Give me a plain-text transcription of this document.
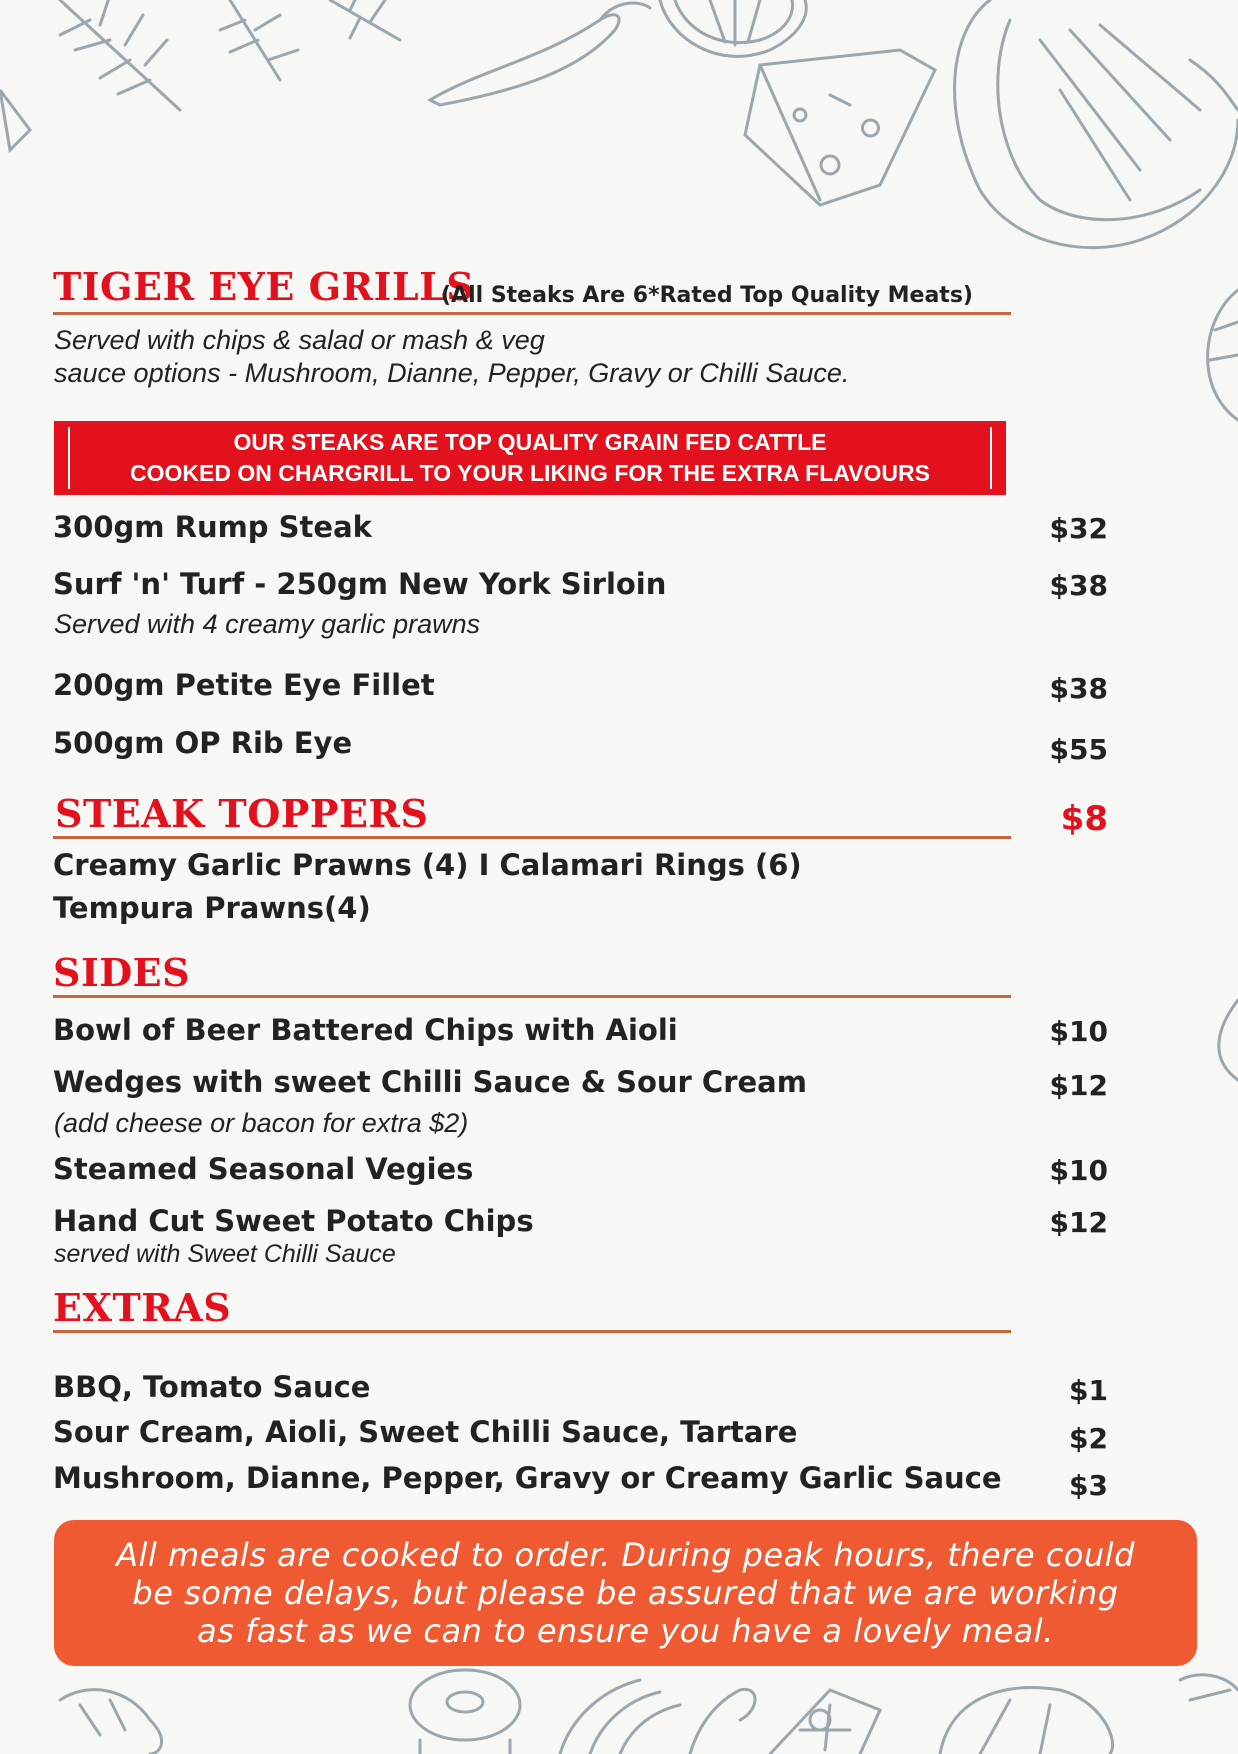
TIGER EYE GRILLS
(All Steaks Are 6*Rated Top Quality Meats)
Served with chips & salad or mash & veg
sauce options - Mushroom, Dianne, Pepper, Gravy or Chilli Sauce.
OUR STEAKS ARE TOP QUALITY GRAIN FED CATTLE
COOKED ON CHARGRILL TO YOUR LIKING FOR THE EXTRA FLAVOURS
300gm Rump Steak	$32
Surf 'n' Turf - 250gm New York Sirloin	$38
Served with 4 creamy garlic prawns
200gm Petite Eye Fillet	$38
500gm OP Rib Eye	$55
STEAK TOPPERS	$8
Creamy Garlic Prawns (4) I Calamari Rings (6)
Tempura Prawns(4)
SIDES
Bowl of Beer Battered Chips with Aioli	$10
Wedges with sweet Chilli Sauce & Sour Cream	$12
(add cheese or bacon for extra $2)
Steamed Seasonal Vegies	$10
Hand Cut Sweet Potato Chips	$12
served with Sweet Chilli Sauce
EXTRAS
BBQ, Tomato Sauce	$1
Sour Cream, Aioli, Sweet Chilli Sauce, Tartare	$2
Mushroom, Dianne, Pepper, Gravy or Creamy Garlic Sauce	$3
All meals are cooked to order. During peak hours, there could
be some delays, but please be assured that we are working
as fast as we can to ensure you have a lovely meal.
